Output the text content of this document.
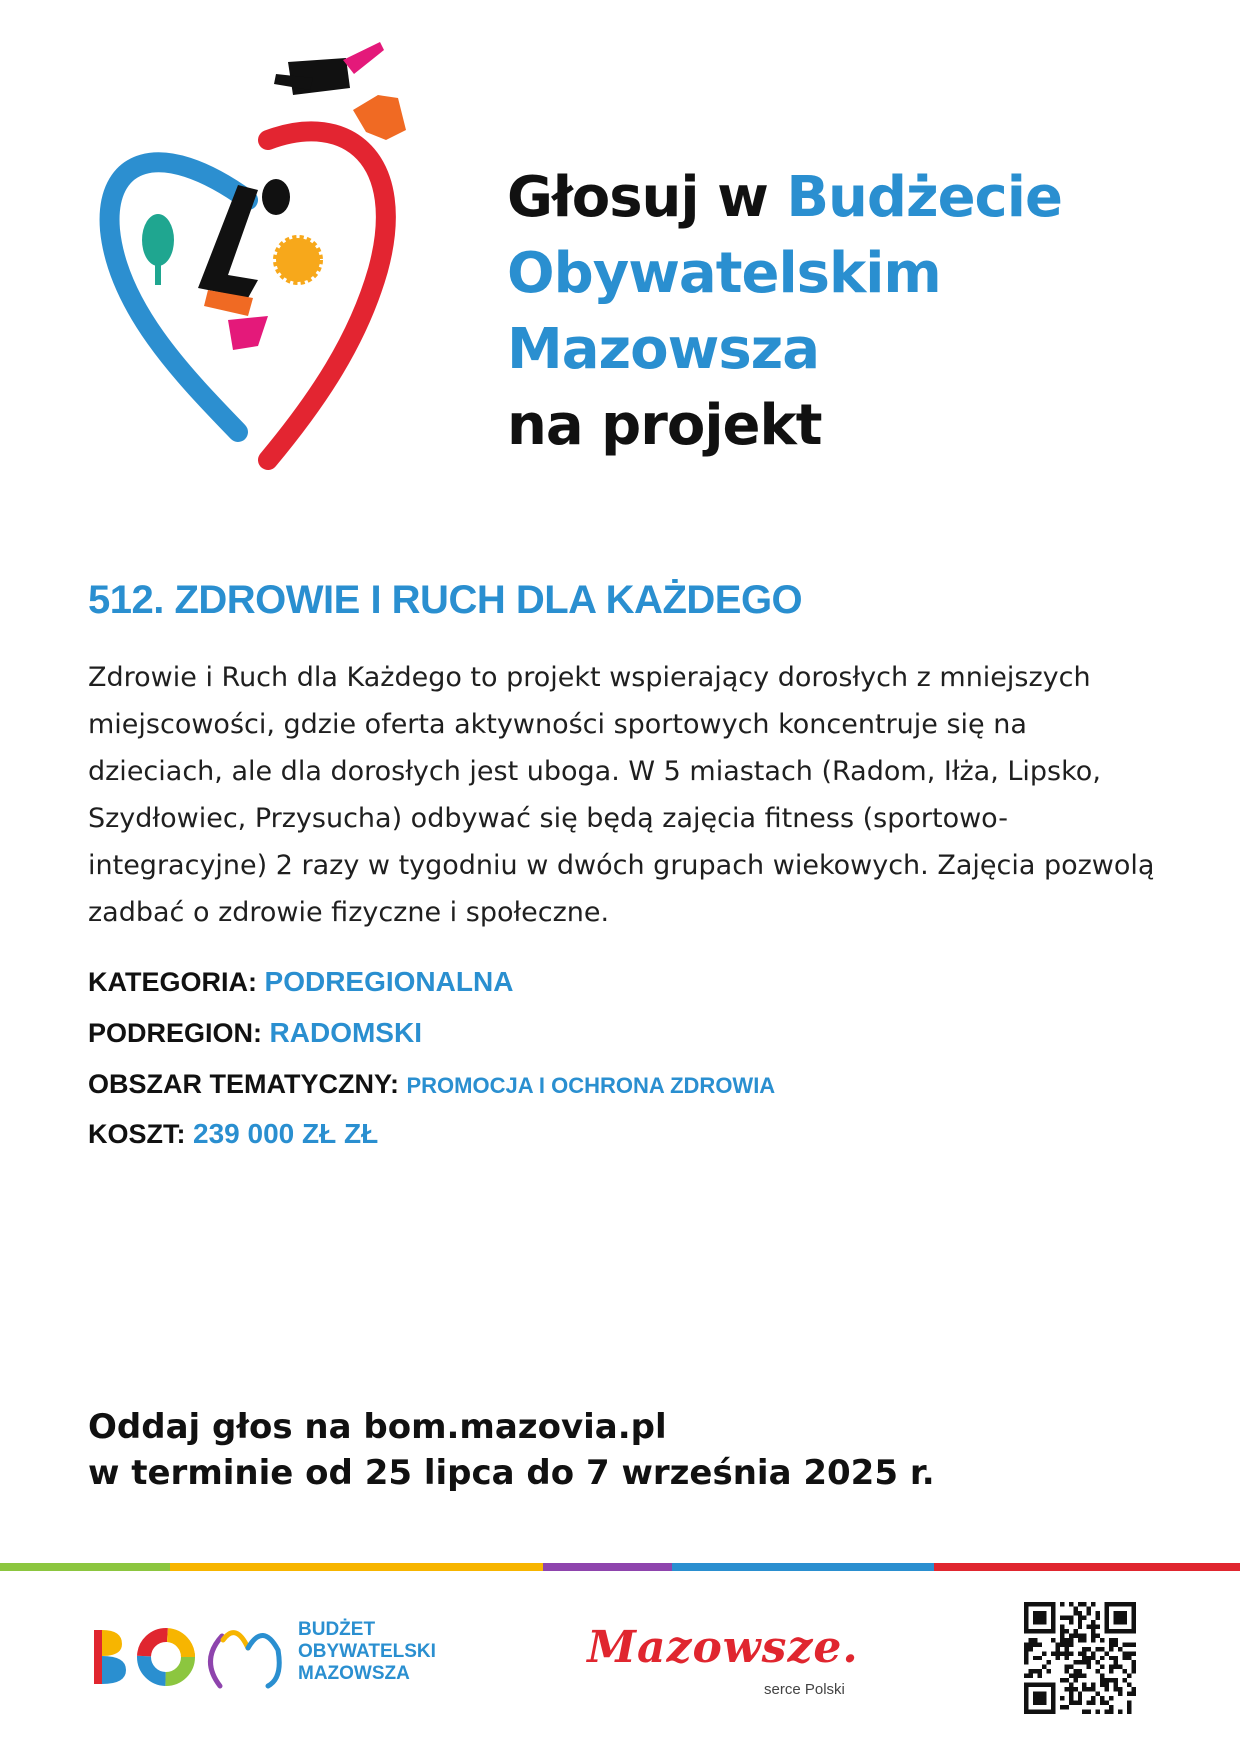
Głosuj w Budżecie
Obywatelskim
Mazowsza
na projekt
512. ZDROWIE I RUCH DLA KAŻDEGO
Zdrowie i Ruch dla Każdego to projekt wspierający dorosłych z mniejszych miejscowości, gdzie oferta aktywności sportowych koncentruje się na dzieciach, ale dla dorosłych jest uboga. W 5 miastach (Radom, Iłża, Lipsko, Szydłowiec, Przysucha) odbywać się będą zajęcia fitness (sportowo-integracyjne) 2 razy w tygodniu w dwóch grupach wiekowych. Zajęcia pozwolą zadbać o zdrowie fizyczne i społeczne.
KATEGORIA: PODREGIONALNA
PODREGION: RADOMSKI
OBSZAR TEMATYCZNY: PROMOCJA I OCHRONA ZDROWIA
KOSZT: 239 000 ZŁ ZŁ
Oddaj głos na bom.mazovia.pl
w terminie od 25 lipca do 7 września 2025 r.
BUDŻET
OBYWATELSKI
MAZOWSZA
Mazowsze.
serce Polski
